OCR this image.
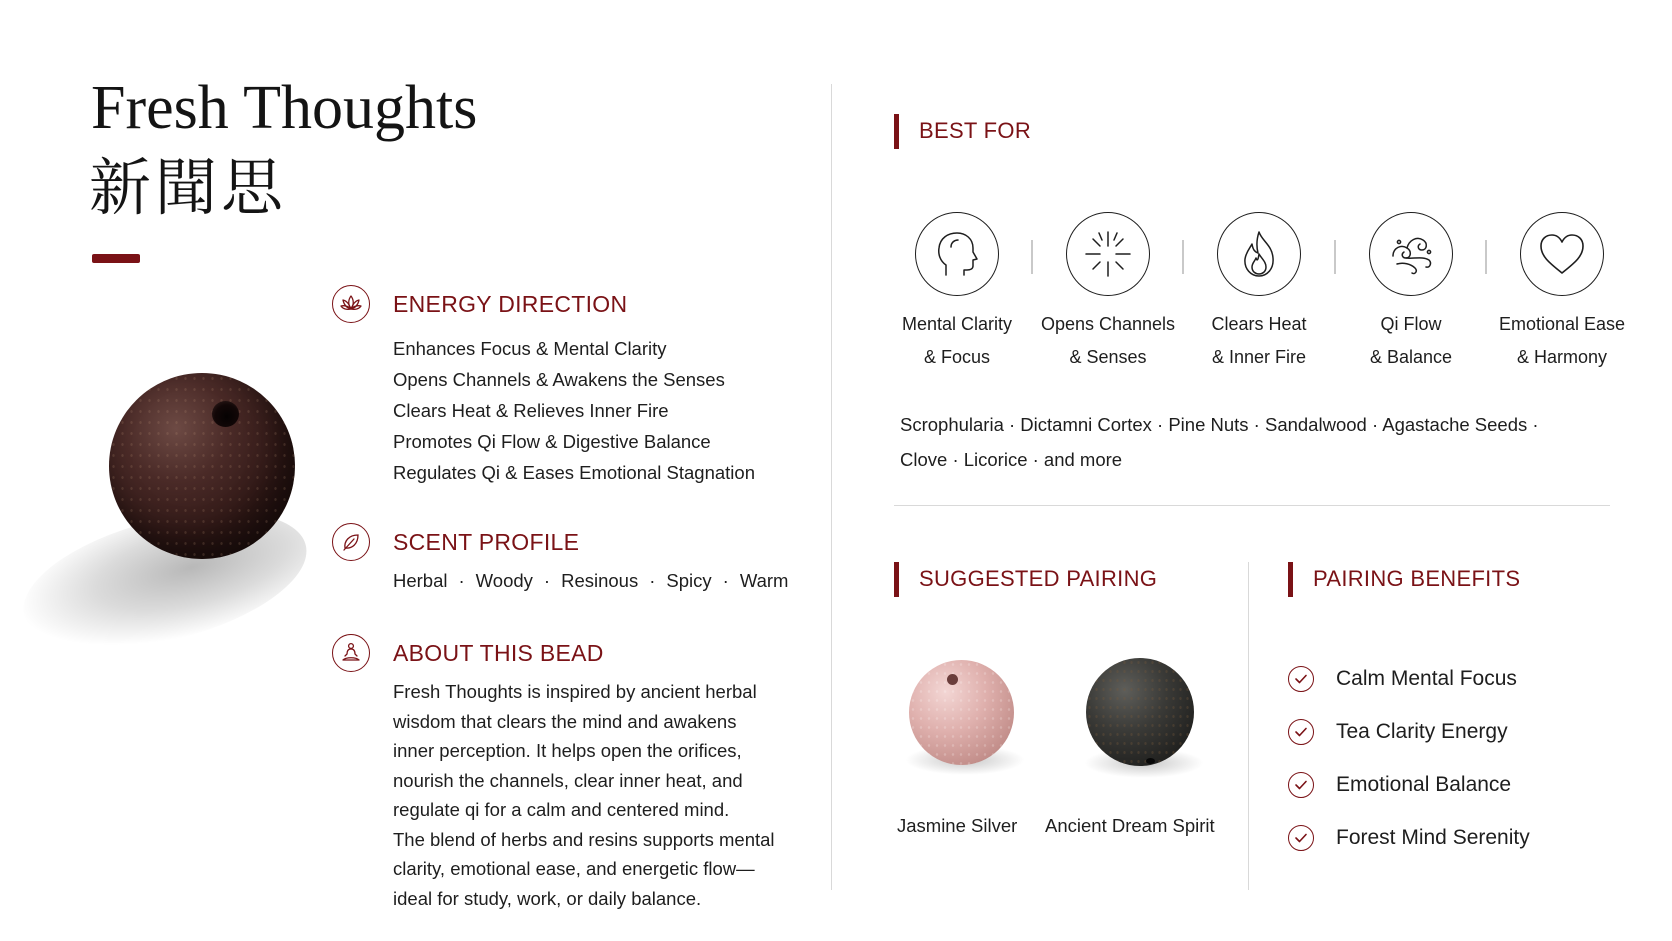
Fresh Thoughts
新聞思
ENERGY DIRECTION
Enhances Focus & Mental Clarity
Opens Channels & Awakens the Senses
Clears Heat & Relieves Inner Fire
Promotes Qi Flow & Digestive Balance
Regulates Qi & Eases Emotional Stagnation
SCENT PROFILE
Herbal · Woody · Resinous · Spicy · Warm
ABOUT THIS BEAD

Fresh Thoughts is inspired by ancient herbal

wisdom that clears the mind and awakens

inner perception. It helps open the orifices,

nourish the channels, clear inner heat, and

regulate qi for a calm and centered mind.

The blend of herbs and resins supports mental

clarity, emotional ease, and energetic flow—

ideal for study, work, or daily balance.

BEST FOR
Mental Clarity
& Focus
Opens Channels
& Senses
Clears Heat
& Inner Fire
Qi Flow
& Balance
Emotional Ease
& Harmony
Scrophularia · Dictamni Cortex · Pine Nuts · Sandalwood · Agastache Seeds ·
Clove · Licorice · and more
SUGGESTED PAIRING
Jasmine Silver Ancient Dream Spirit
PAIRING BENEFITS
Calm Mental Focus
Tea Clarity Energy
Emotional Balance
Forest Mind Serenity
